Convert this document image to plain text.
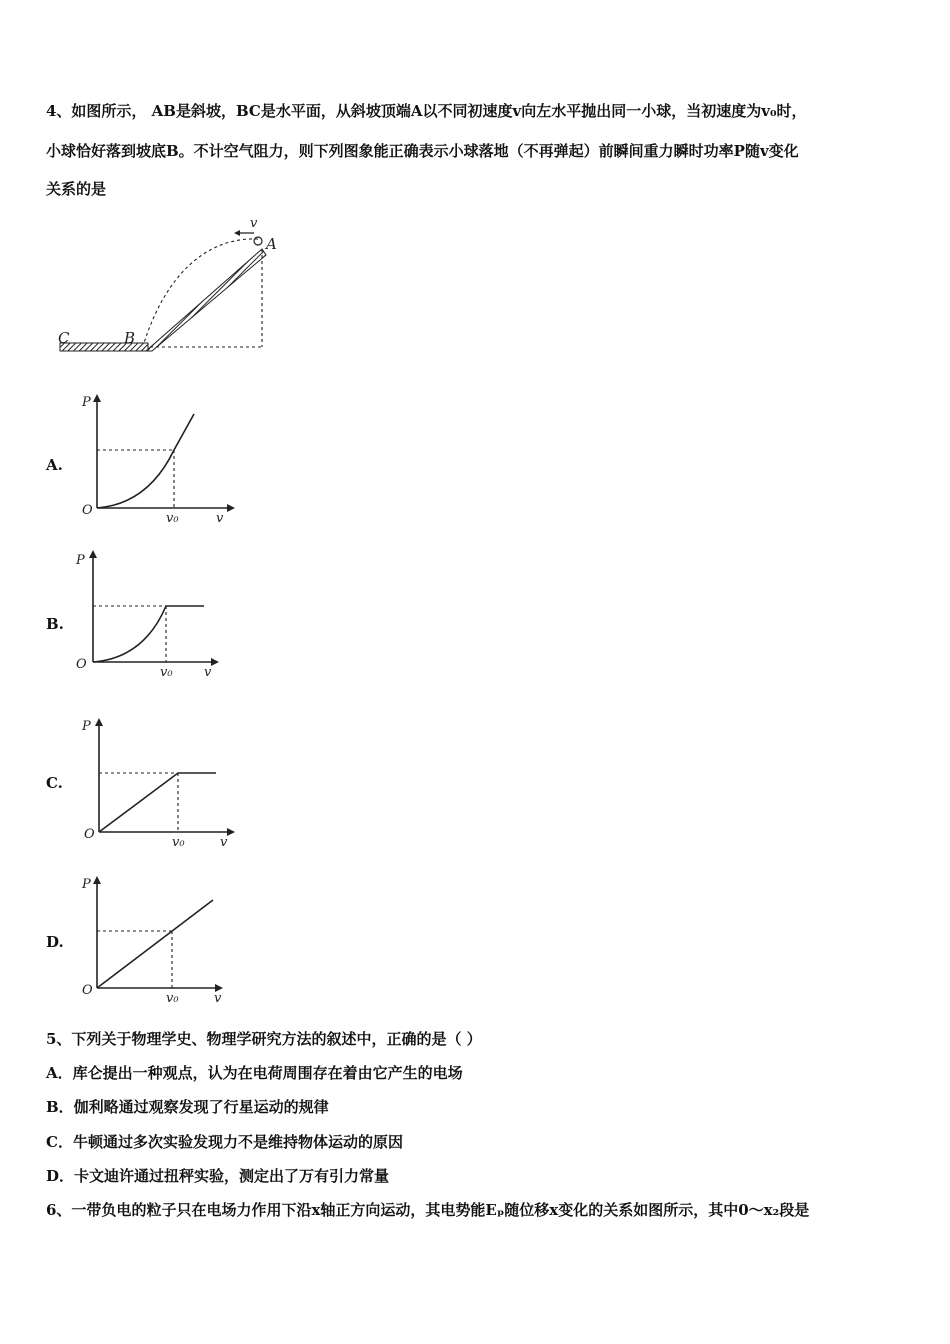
4、如图所示， AB是斜坡，BC是水平面，从斜坡顶端A以不同初速度v向左水平抛出同一小球，当初速度为v₀时，
小球恰好落到坡底B。不计空气阻力，则下列图象能正确表示小球落地（不再弹起）前瞬间重力瞬时功率P随v变化
关系的是
v
A
B
C
A.
P
O
v₀	v
B.
P
O
v₀ v
C.
P
O
v₀	v
D.
P
O
v₀	v
5、下列关于物理学史、物理学研究方法的叙述中，正确的是（ ）
A．库仑提出一种观点，认为在电荷周围存在着由它产生的电场
B．伽利略通过观察发现了行星运动的规律
C．牛顿通过多次实验发现力不是维持物体运动的原因
D．卡文迪许通过扭秤实验，测定出了万有引力常量
6、一带负电的粒子只在电场力作用下沿x轴正方向运动，其电势能Eₚ随位移x变化的关系如图所示，其中0～x₂段是
